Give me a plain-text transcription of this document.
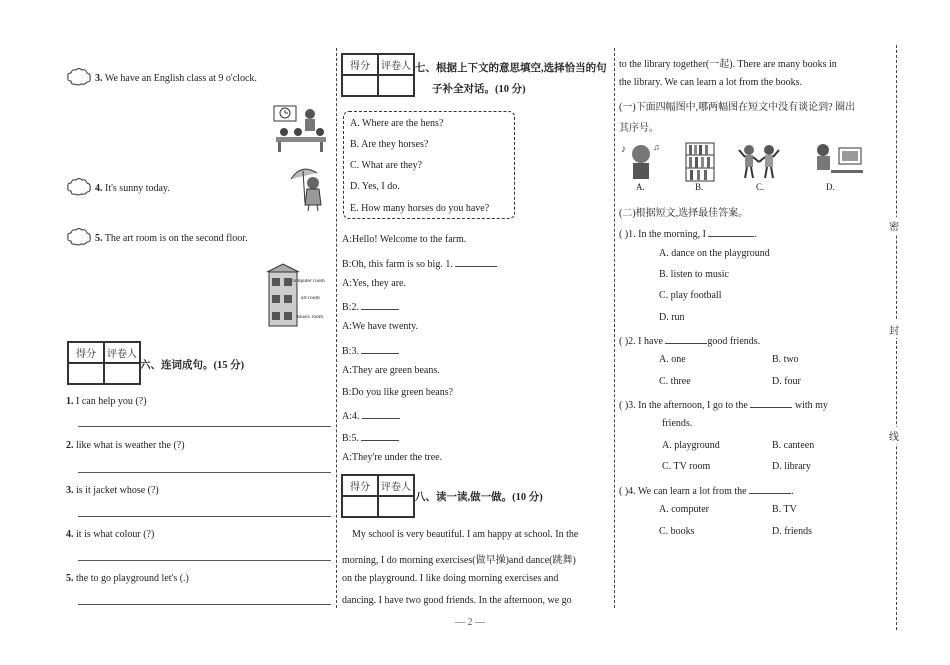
3. We have an English class at 9 o'clock.
4. It's sunny today.
5. The art room is on the second floor.
computer room
art room
music room
得分	评卷人
六、连词成句。(15 分)
1. I can help you (?)
2. like what is weather the (?)
3. is it jacket whose (?)
4. it is what colour (?)
5. the to go playground let's (.)
得分	评卷人 七、根据上下文的意思填空,选择恰当的句
子补全对话。(10 分)
A. Where are the hens?
B. Are they horses?
C. What are they?
D. Yes, I do.
E. How many horses do you have?
A:Hello! Welcome to the farm.
B:Oh, this farm is so big. 1.
A:Yes, they are.
B:2.
A:We have twenty.
B:3.
A:They are green beans.
B:Do you like green beans?
A:4.
B:5.
A:They're under the tree.
得分	评卷人
八、读一读,做一做。(10 分)
My school is very beautiful. I am happy at school. In the
morning, I do morning exercises(做早操)and dance(跳舞)
on the playground. I like doing morning exercises and
dancing. I have two good friends. In the afternoon, we go
to the library together(一起). There are many books in
the library. We can learn a lot from the books.
(一)下面四幅图中,哪两幅图在短文中没有谈论到? 圈出
其序号。
♪	♫
A.	B.	C.	D.
(二)根据短文,选择最佳答案。
( )1. In the morning, I	.
A. dance on the playground
B. listen to music
C. play football
D. run
( )2. I have	good friends.
A. one	B. two
C. three	D. four
( )3. In the afternoon, I go to the	with my
friends.
A. playground	B. canteen
C. TV room	D. library
( )4. We can learn a lot from the	.
A. computer	B. TV
C. books	D. friends
密
封
线
— 2 —
